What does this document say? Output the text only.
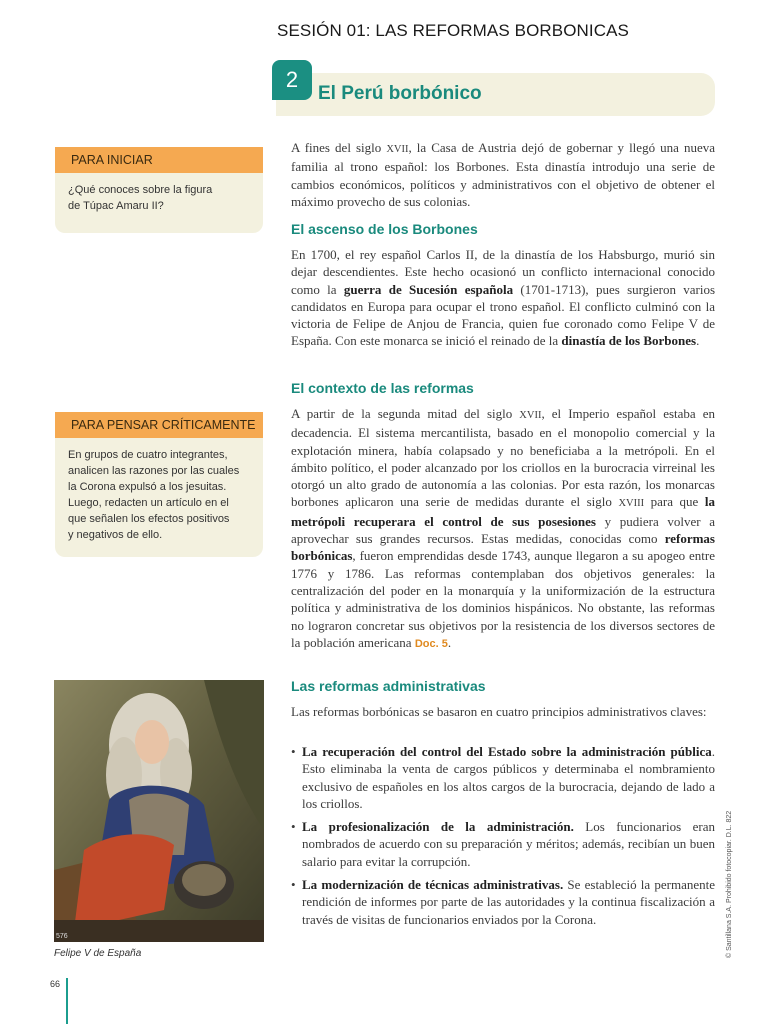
SESIÓN 01: LAS REFORMAS BORBONICAS
2
El Perú borbónico
PARA INICIAR
¿Qué conoces sobre la figura
de Túpac Amaru II?
PARA PENSAR CRÍTICAMENTE
En grupos de cuatro integrantes,
analicen las razones por las cuales
la Corona expulsó a los jesuitas.
Luego, redacten un artículo en el
que señalen los efectos positivos
y negativos de ello.
576
Felipe V de España
A fines del siglo XVII, la Casa de Austria dejó de gobernar y llegó una nueva familia al trono español: los Borbones. Esta dinastía introdujo una serie de cambios económicos, políticos y administrativos con el objetivo de obtener el máximo provecho de sus colonias.
El ascenso de los Borbones
En 1700, el rey español Carlos II, de la dinastía de los Habsburgo, murió sin dejar descendientes. Este hecho ocasionó un conflicto internacional conocido como la guerra de Sucesión española (1701-1713), pues surgieron varios candidatos en Europa para ocupar el trono español. El conflicto culminó con la victoria de Felipe de Anjou de Francia, quien fue coronado como Felipe V de España. Con este monarca se inició el reinado de la dinastía de los Borbones.
El contexto de las reformas
A partir de la segunda mitad del siglo XVII, el Imperio español estaba en decadencia. El sistema mercantilista, basado en el monopolio comercial y la explotación minera, había colapsado y no beneficiaba a la metrópoli. En el ámbito político, el poder alcanzado por los criollos en la burocracia virreinal les otorgó un alto grado de autonomía a las colonias. Por esta razón, los monarcas borbones aplicaron una serie de medidas durante el siglo XVIII para que la metrópoli recuperara el control de sus posesiones y pudiera volver a aprovechar sus grandes recursos. Estas medidas, conocidas como reformas borbónicas, fueron emprendidas desde 1743, aunque llegaron a su apogeo entre 1776 y 1786. Las reformas contemplaban dos objetivos generales: la centralización del poder en la monarquía y la uniformización de la estructura política y administrativa de los dominios hispánicos. No obstante, las reformas no lograron concretar sus objetivos por la resistencia de los diversos sectores de la población americana Doc. 5.
Las reformas administrativas
Las reformas borbónicas se basaron en cuatro principios administrativos claves:
• La recuperación del control del Estado sobre la administración pública. Esto eliminaba la venta de cargos públicos y determinaba el nombramiento exclusivo de españoles en los altos cargos de la burocracia, dejando de lado a los criollos.
• La profesionalización de la administración. Los funcionarios eran nombrados de acuerdo con su preparación y méritos; además, recibían un buen salario para evitar la corrupción.
• La modernización de técnicas administrativas. Se estableció la permanente rendición de informes por parte de las autoridades y la continua fiscalización a través de visitas de funcionarios enviados por la Corona.	© Santillana S.A. Prohibido fotocopiar. D.L. 822
66
